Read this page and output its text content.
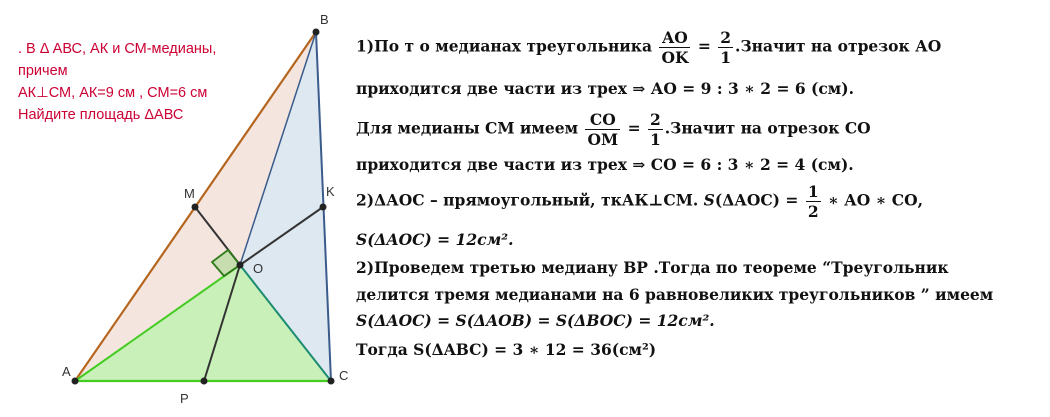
B
K
M
O
P
A	C
. В Δ АВС, АК и СМ-медианы,
причем
АК⊥СМ, АК=9 см , СМ=6 см
Найдите площадь ΔАВС
1)По т о медианах треугольника $\frac{AO}{OK} = \frac{2}{1}$ .Значит на отрезок АО
приходится две части из трех ⇒ АО = 9 : 3 ∗ 2 = 6 (см).
Для медианы СМ имеем $\frac{CO}{OM} = \frac{2}{1}$ .Значит на отрезок СО
приходится две части из трех ⇒ СО = 6 : 3 ∗ 2 = 4 (см).
2)ΔАОС – прямоугольный, ткАК⊥СМ. $S(\Delta АОС) = \frac{1}{2}$ ∗ АО ∗ СО,
S(ΔAOC) = 12см².
2)Проведем третью медиану ВР .Тогда по теореме “Треугольник
делится тремя медианами на 6 равновеликих треугольников ” имеем
S(ΔAOC) = S(ΔAOB) = S(ΔBOC) = 12см².
Тогда S(ΔABC) = 3 ∗ 12 = 36(см²)
